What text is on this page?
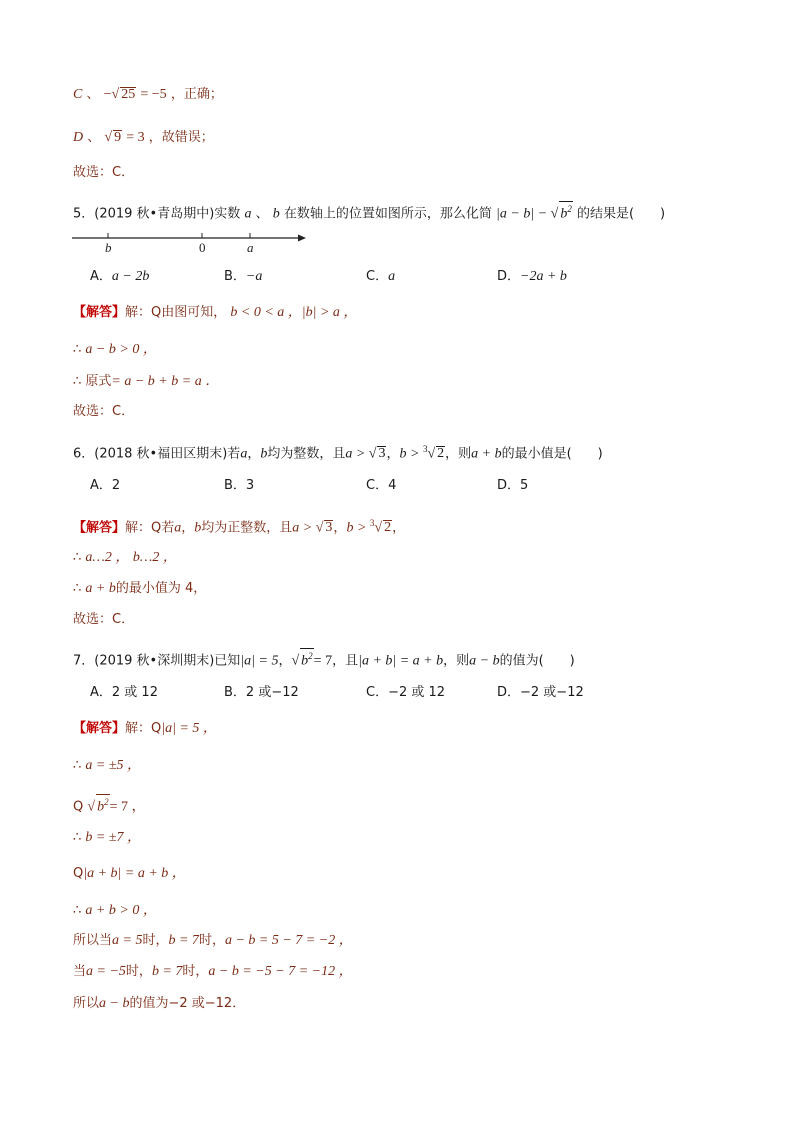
C 、 −√ 25 = −5 ，正确；
D 、 √ 9 = 3 ，故错误；
故选：C．
5．(2019 秋•青岛期中)实数 a 、 b 在数轴上的位置如图所示，那么化简 |a − b| − √ $b^2$ 的结果是(　　)
b	0	a
A．a − 2b	B．−a	C．a	D．−2a + b
【解答】解：Q由图可知， b < 0 < a ，|b| > a ，
∴ a − b > 0 ，
∴ 原式= a − b + b = a ．
故选：C．
6．(2018 秋•福田区期末)若a，b均为整数，且a > √ 3，b > $^3$√ 2，则a + b的最小值是(　　)
A．2	B．3	C．4	D．5
【解答】解：Q若a，b均为正整数，且a > √ 3，b > $^3$√ 2，
∴ a…2 ， b…2 ，
∴ a + b的最小值为 4，
故选：C．
7．(2019 秋•深圳期末)已知|a| = 5，√ $b^2= 7$，且|a + b| = a + b，则a − b的值为(　　)
A．2 或 12	B．2 或−12	C．−2 或 12	D．−2 或−12
【解答】解：Q|a| = 5 ，
∴ a = ±5 ，
Q √ $b^2= 7$ ，
∴ b = ±7 ，
Q|a + b| = a + b ，
∴ a + b > 0 ，
所以当a = 5时，b = 7时，a − b = 5 − 7 = −2 ，
当a = −5时，b = 7时，a − b = −5 − 7 = −12 ，
所以a − b的值为−2 或−12．
